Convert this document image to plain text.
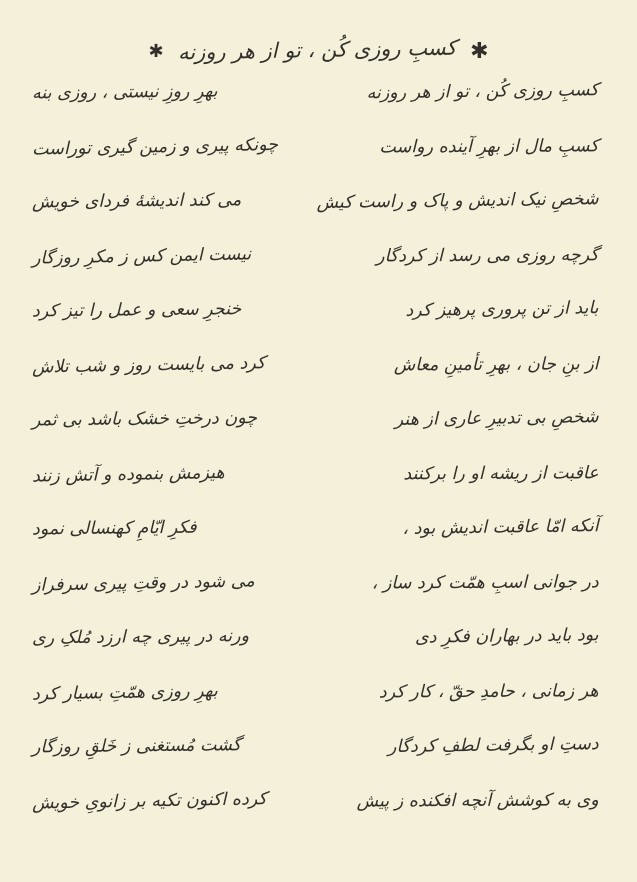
✱
کسبِ روزی کُن ، تو از هر روزنه
✱
کسبِ روزی کُن ، تو از هر روزنه
بهرِ روزِ نیستی ، روزی بنه
کسبِ مال از بهرِ آینده رواست
چونکه پیری و زمین گیری توراست
شخصِ نیک اندیش و پاک و راست کیش
می کند اندیشهٔ فردای خویش
گرچه روزی می رسد از کردگار
نیست ایمن کس ز مکرِ روزگار
باید از تن پروری پرهیز کرد
خنجرِ سعی و عمل را تیز کرد
از بنِ جان ، بهرِ تأمینِ معاش
کرد می بایست روز و شب تلاش
شخصِ بی تدبیرِ عاری از هنر
چون درختِ خشک باشد بی ثمر
عاقبت از ریشه او را برکنند
هیزمش بنموده و آتش زنند
آنکه امّا عاقبت اندیش بود ،
فکرِ ایّامِ کهنسالی نمود
در جوانی اسبِ همّت کرد ساز ،
می شود در وقتِ پیری سرفراز
بود باید در بهاران فکرِ دی
ورنه در پیری چه ارزد مُلکِ ری
هر زمانی ، حامدِ حقّ ، کار کرد
بهرِ روزی همّتِ بسیار کرد
دستِ او بگرفت لطفِ کردگار
گشت مُستغنی ز خَلقِ روزگار
وی به کوشش آنچه افکنده ز پیش
کرده اکنون تکیه بر زانویِ خویش
